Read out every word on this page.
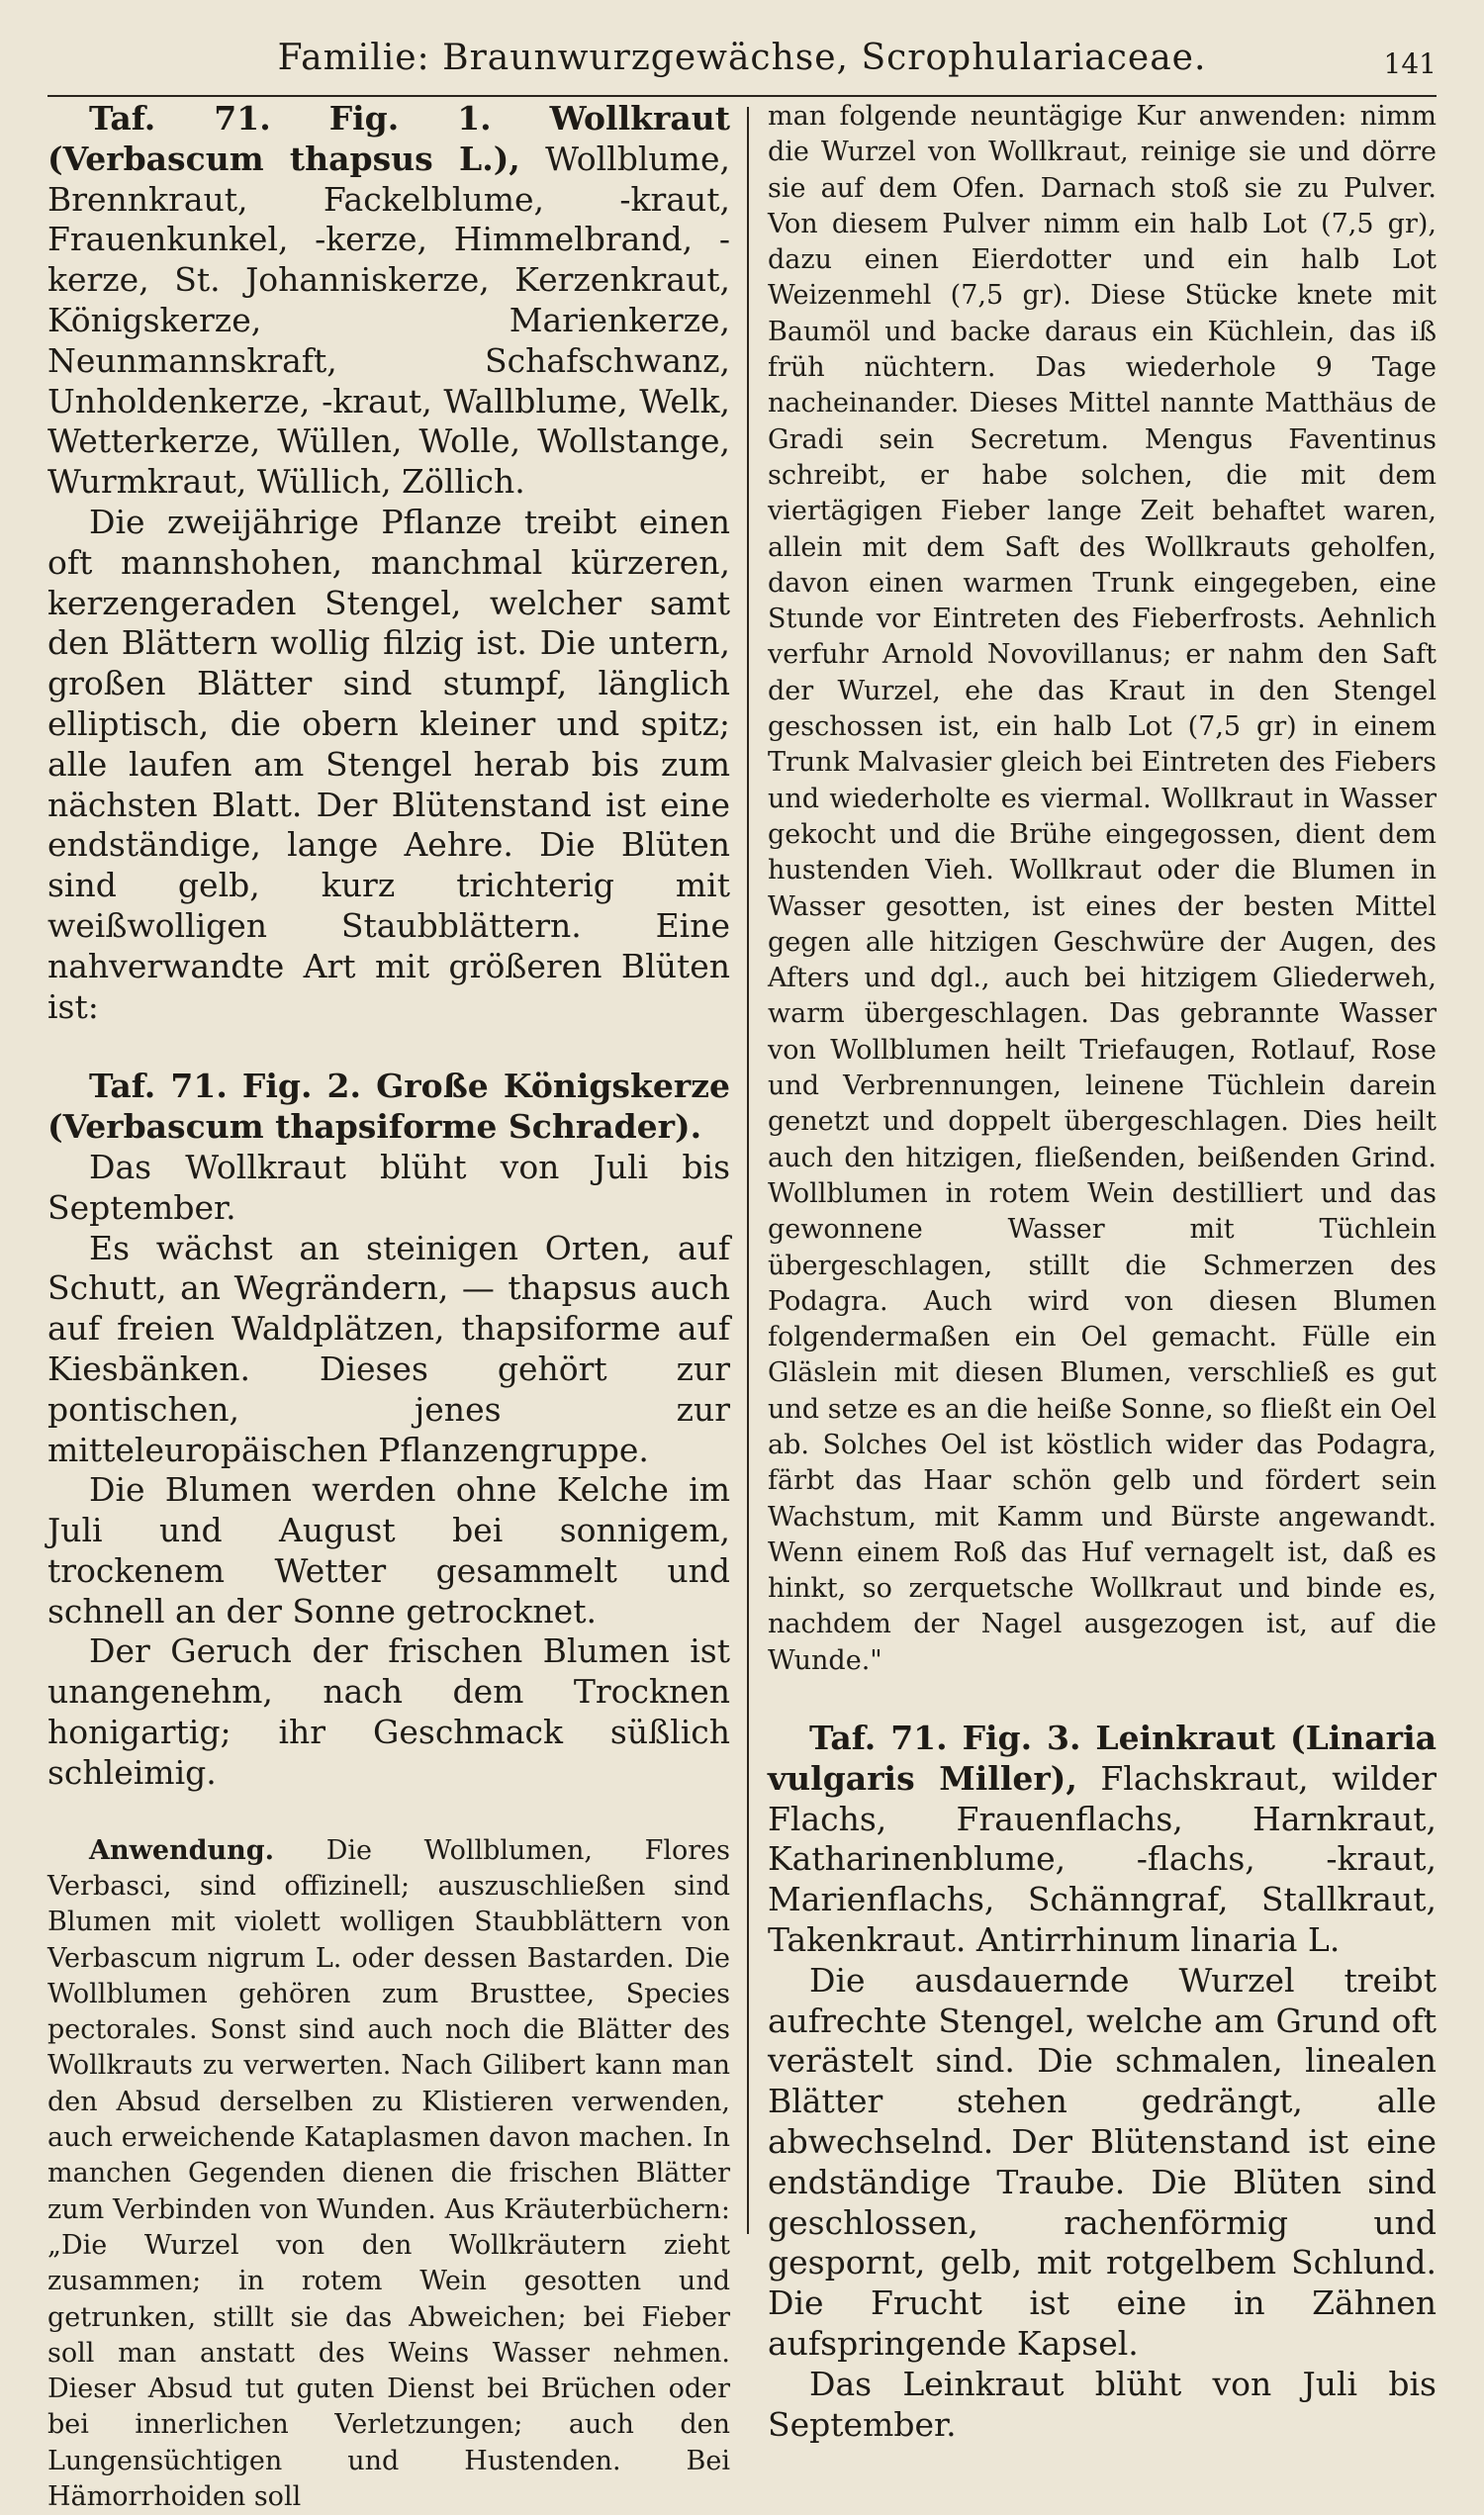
Familie: Braunwurzgewächse, Scrophulariaceae.	141

Taf. 71. Fig. 1. Wollkraut (Verbascum thapsus L.), Wollblume, Brennkraut, Fackelblume, -kraut, Frauenkunkel, -kerze, Himmelbrand, -kerze, St. Johanniskerze, Kerzenkraut, Königskerze, Marienkerze, Neunmannskraft, Schafschwanz, Unholdenkerze, -kraut, Wallblume, Welk, Wetterkerze, Wüllen, Wolle, Wollstange, Wurmkraut, Wüllich, Zöllich.

Die zweijährige Pflanze treibt einen oft mannshohen, manchmal kürzeren, kerzengeraden Stengel, welcher samt den Blättern wollig filzig ist. Die untern, großen Blätter sind stumpf, länglich elliptisch, die obern kleiner und spitz; alle laufen am Stengel herab bis zum nächsten Blatt. Der Blütenstand ist eine endständige, lange Aehre. Die Blüten sind gelb, kurz trichterig mit weißwolligen Staubblättern. Eine nahverwandte Art mit größeren Blüten ist:

Taf. 71. Fig. 2. Große Königskerze (Verbascum thapsiforme Schrader).

Das Wollkraut blüht von Juli bis September.

Es wächst an steinigen Orten, auf Schutt, an Wegrändern, — thapsus auch auf freien Waldplätzen, thapsiforme auf Kiesbänken. Dieses gehört zur pontischen, jenes zur mitteleuropäischen Pflanzengruppe.

Die Blumen werden ohne Kelche im Juli und August bei sonnigem, trockenem Wetter gesammelt und schnell an der Sonne getrocknet.

Der Geruch der frischen Blumen ist unangenehm, nach dem Trocknen honigartig; ihr Geschmack süßlich schleimig.

Anwendung. Die Wollblumen, Flores Verbasci, sind offizinell; auszuschließen sind Blumen mit violett wolligen Staubblättern von Verbascum nigrum L. oder dessen Bastarden. Die Wollblumen gehören zum Brusttee, Species pectorales. Sonst sind auch noch die Blätter des Wollkrauts zu verwerten. Nach Gilibert kann man den Absud derselben zu Klistieren verwenden, auch erweichende Kataplasmen davon machen. In manchen Gegenden dienen die frischen Blätter zum Verbinden von Wunden. Aus Kräuterbüchern: „Die Wurzel von den Wollkräutern zieht zusammen; in rotem Wein gesotten und getrunken, stillt sie das Abweichen; bei Fieber soll man anstatt des Weins Wasser nehmen. Dieser Absud tut guten Dienst bei Brüchen oder bei innerlichen Verletzungen; auch den Lungensüchtigen und Hustenden. Bei Hämorrhoiden soll

man folgende neuntägige Kur anwenden: nimm die Wurzel von Wollkraut, reinige sie und dörre sie auf dem Ofen. Darnach stoß sie zu Pulver. Von diesem Pulver nimm ein halb Lot (7,5 gr), dazu einen Eierdotter und ein halb Lot Weizenmehl (7,5 gr). Diese Stücke knete mit Baumöl und backe daraus ein Küchlein, das iß früh nüchtern. Das wiederhole 9 Tage nacheinander. Dieses Mittel nannte Matthäus de Gradi sein Secretum. Mengus Faventinus schreibt, er habe solchen, die mit dem viertägigen Fieber lange Zeit behaftet waren, allein mit dem Saft des Wollkrauts geholfen, davon einen warmen Trunk eingegeben, eine Stunde vor Eintreten des Fieberfrosts. Aehnlich verfuhr Arnold Novovillanus; er nahm den Saft der Wurzel, ehe das Kraut in den Stengel geschossen ist, ein halb Lot (7,5 gr) in einem Trunk Malvasier gleich bei Eintreten des Fiebers und wiederholte es viermal. Wollkraut in Wasser gekocht und die Brühe eingegossen, dient dem hustenden Vieh. Wollkraut oder die Blumen in Wasser gesotten, ist eines der besten Mittel gegen alle hitzigen Geschwüre der Augen, des Afters und dgl., auch bei hitzigem Gliederweh, warm übergeschlagen. Das gebrannte Wasser von Wollblumen heilt Triefaugen, Rotlauf, Rose und Verbrennungen, leinene Tüchlein darein genetzt und doppelt übergeschlagen. Dies heilt auch den hitzigen, fließenden, beißenden Grind. Wollblumen in rotem Wein destilliert und das gewonnene Wasser mit Tüchlein übergeschlagen, stillt die Schmerzen des Podagra. Auch wird von diesen Blumen folgendermaßen ein Oel gemacht. Fülle ein Gläslein mit diesen Blumen, verschließ es gut und setze es an die heiße Sonne, so fließt ein Oel ab. Solches Oel ist köstlich wider das Podagra, färbt das Haar schön gelb und fördert sein Wachstum, mit Kamm und Bürste angewandt. Wenn einem Roß das Huf vernagelt ist, daß es hinkt, so zerquetsche Wollkraut und binde es, nachdem der Nagel ausgezogen ist, auf die Wunde."

Taf. 71. Fig. 3. Leinkraut (Linaria vulgaris Miller), Flachskraut, wilder Flachs, Frauenflachs, Harnkraut, Katharinenblume, -flachs, -kraut, Marienflachs, Schänngraf, Stallkraut, Takenkraut. Antirrhinum linaria L.

Die ausdauernde Wurzel treibt aufrechte Stengel, welche am Grund oft verästelt sind. Die schmalen, linealen Blätter stehen gedrängt, alle abwechselnd. Der Blütenstand ist eine endständige Traube. Die Blüten sind geschlossen, rachenförmig und gespornt, gelb, mit rotgelbem Schlund. Die Frucht ist eine in Zähnen aufspringende Kapsel.

Das Leinkraut blüht von Juli bis September.
